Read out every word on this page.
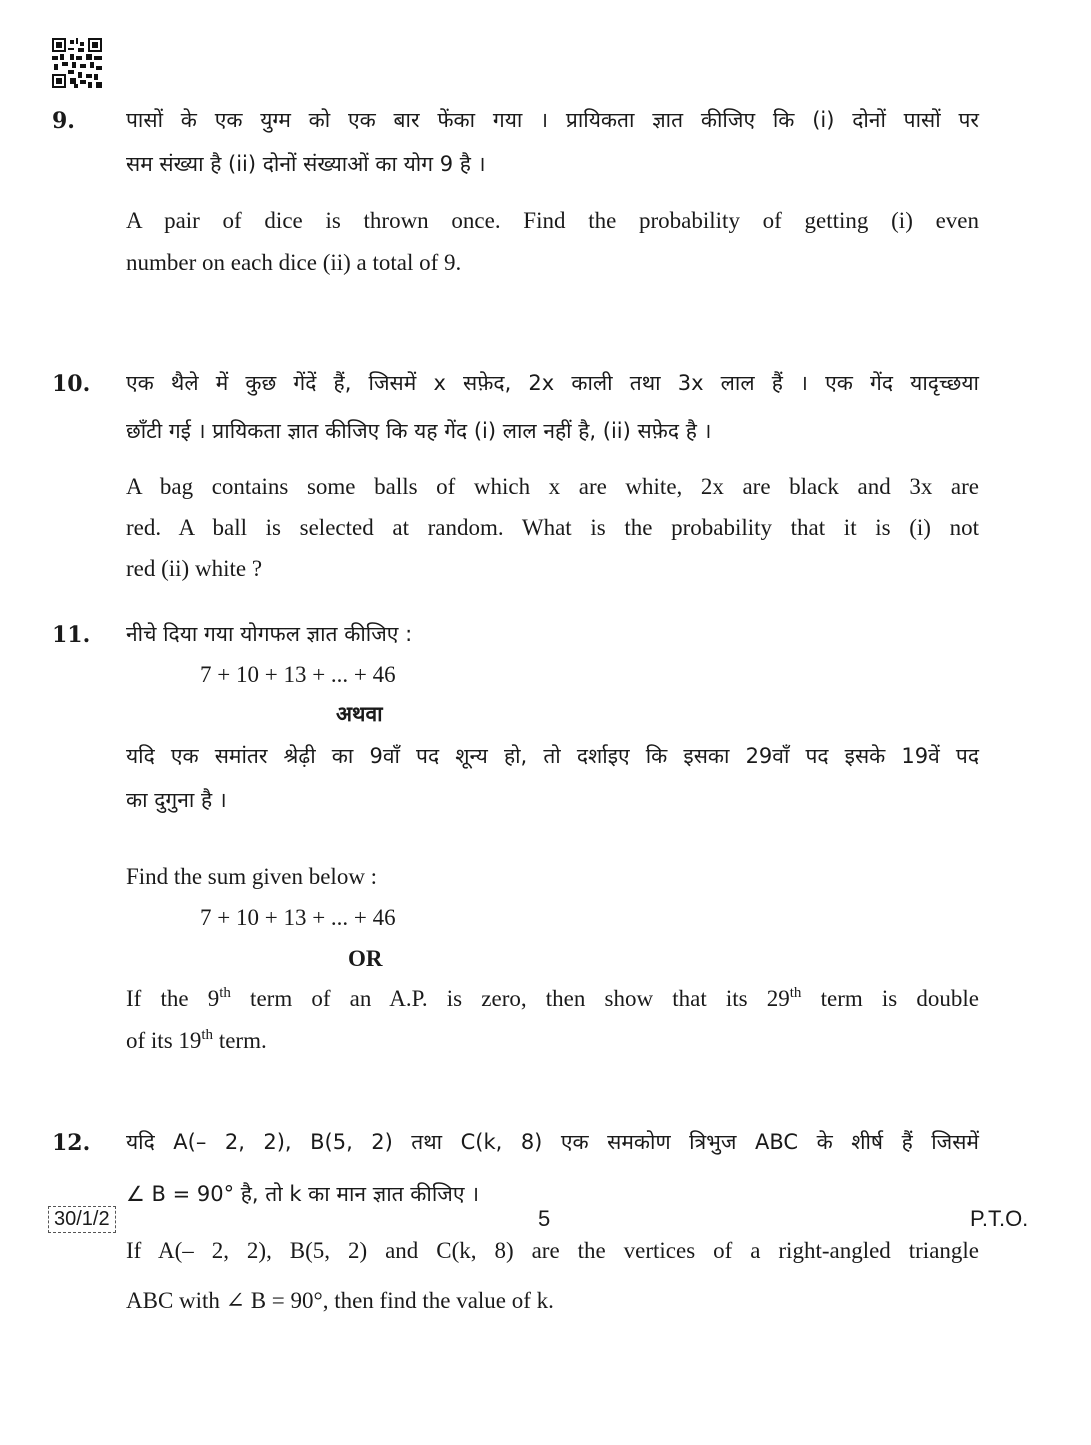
9. पासों के एक युग्म को एक बार फेंका गया । प्रायिकता ज्ञात कीजिए कि (i) दोनों पासों पर
सम संख्या है (ii) दोनों संख्याओं का योग 9 है ।
A pair of dice is thrown once. Find the probability of getting (i) even
number on each dice (ii) a total of 9.
10. एक थैले में कुछ गेंदें हैं, जिसमें x सफ़ेद, 2x काली तथा 3x लाल हैं । एक गेंद यादृच्छया
छाँटी गई । प्रायिकता ज्ञात कीजिए कि यह गेंद (i) लाल नहीं है, (ii) सफ़ेद है ।
A bag contains some balls of which x are white, 2x are black and 3x are
red. A ball is selected at random. What is the probability that it is (i) not
red (ii) white ?
11. नीचे दिया गया योगफल ज्ञात कीजिए :
7 + 10 + 13 + ... + 46
अथवा
यदि एक समांतर श्रेढ़ी का 9वाँ पद शून्य हो, तो दर्शाइए कि इसका 29वाँ पद इसके 19वें पद
का दुगुना है ।
Find the sum given below :
7 + 10 + 13 + ... + 46
OR
If the 9th term of an A.P. is zero, then show that its 29th term is double
of its 19th term.
12. यदि A(– 2, 2), B(5, 2) तथा C(k, 8) एक समकोण त्रिभुज ABC के शीर्ष हैं जिसमें
∠ B = 90° है, तो k का मान ज्ञात कीजिए ।
If A(– 2, 2), B(5, 2) and C(k, 8) are the vertices of a right-angled triangle
ABC with ∠ B = 90°, then find the value of k.
30/1/2	5	P.T.O.
